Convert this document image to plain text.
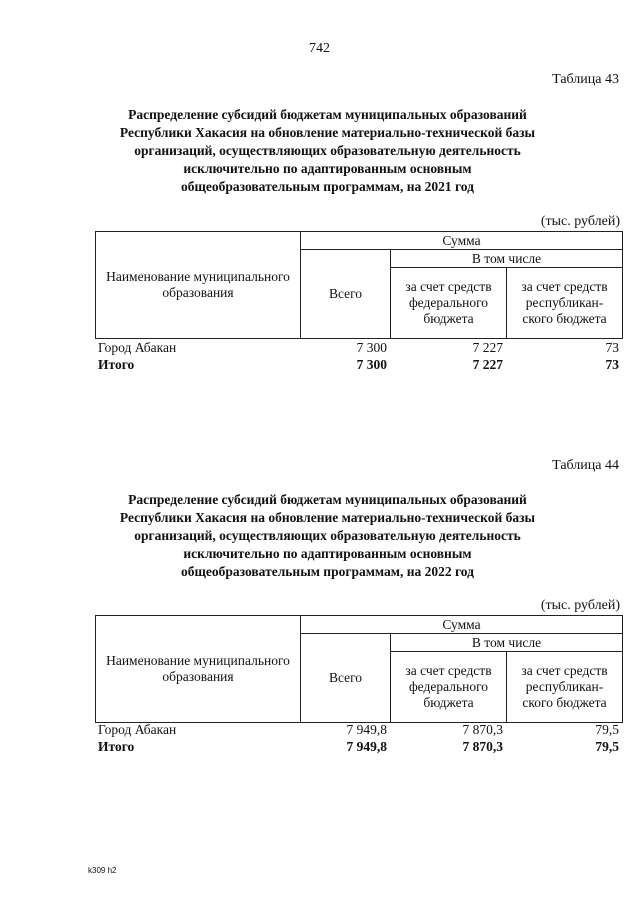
742
Таблица 43
Распределение субсидий бюджетам муниципальных образований
Республики Хакасия на обновление материально-технической базы
организаций, осуществляющих образовательную деятельность
исключительно по адаптированным основным
общеобразовательным программам, на 2021 год
(тыс. рублей)
Наименование муниципального образования	Сумма		
	Всего	В том числе	
		за счет средств федерального бюджета	за счет средств республикан-ского бюджета
Город Абакан	7 300	7 227	73
Итого	7 300	7 227	73
Таблица 44
Распределение субсидий бюджетам муниципальных образований
Республики Хакасия на обновление материально-технической базы
организаций, осуществляющих образовательную деятельность
исключительно по адаптированным основным
общеобразовательным программам, на 2022 год
(тыс. рублей)
Наименование муниципального образования	Сумма		
	Всего	В том числе	
		за счет средств федерального бюджета	за счет средств республикан-ского бюджета
Город Абакан	7 949,8	7 870,3	79,5
Итого	7 949,8	7 870,3	79,5
k309 h2
